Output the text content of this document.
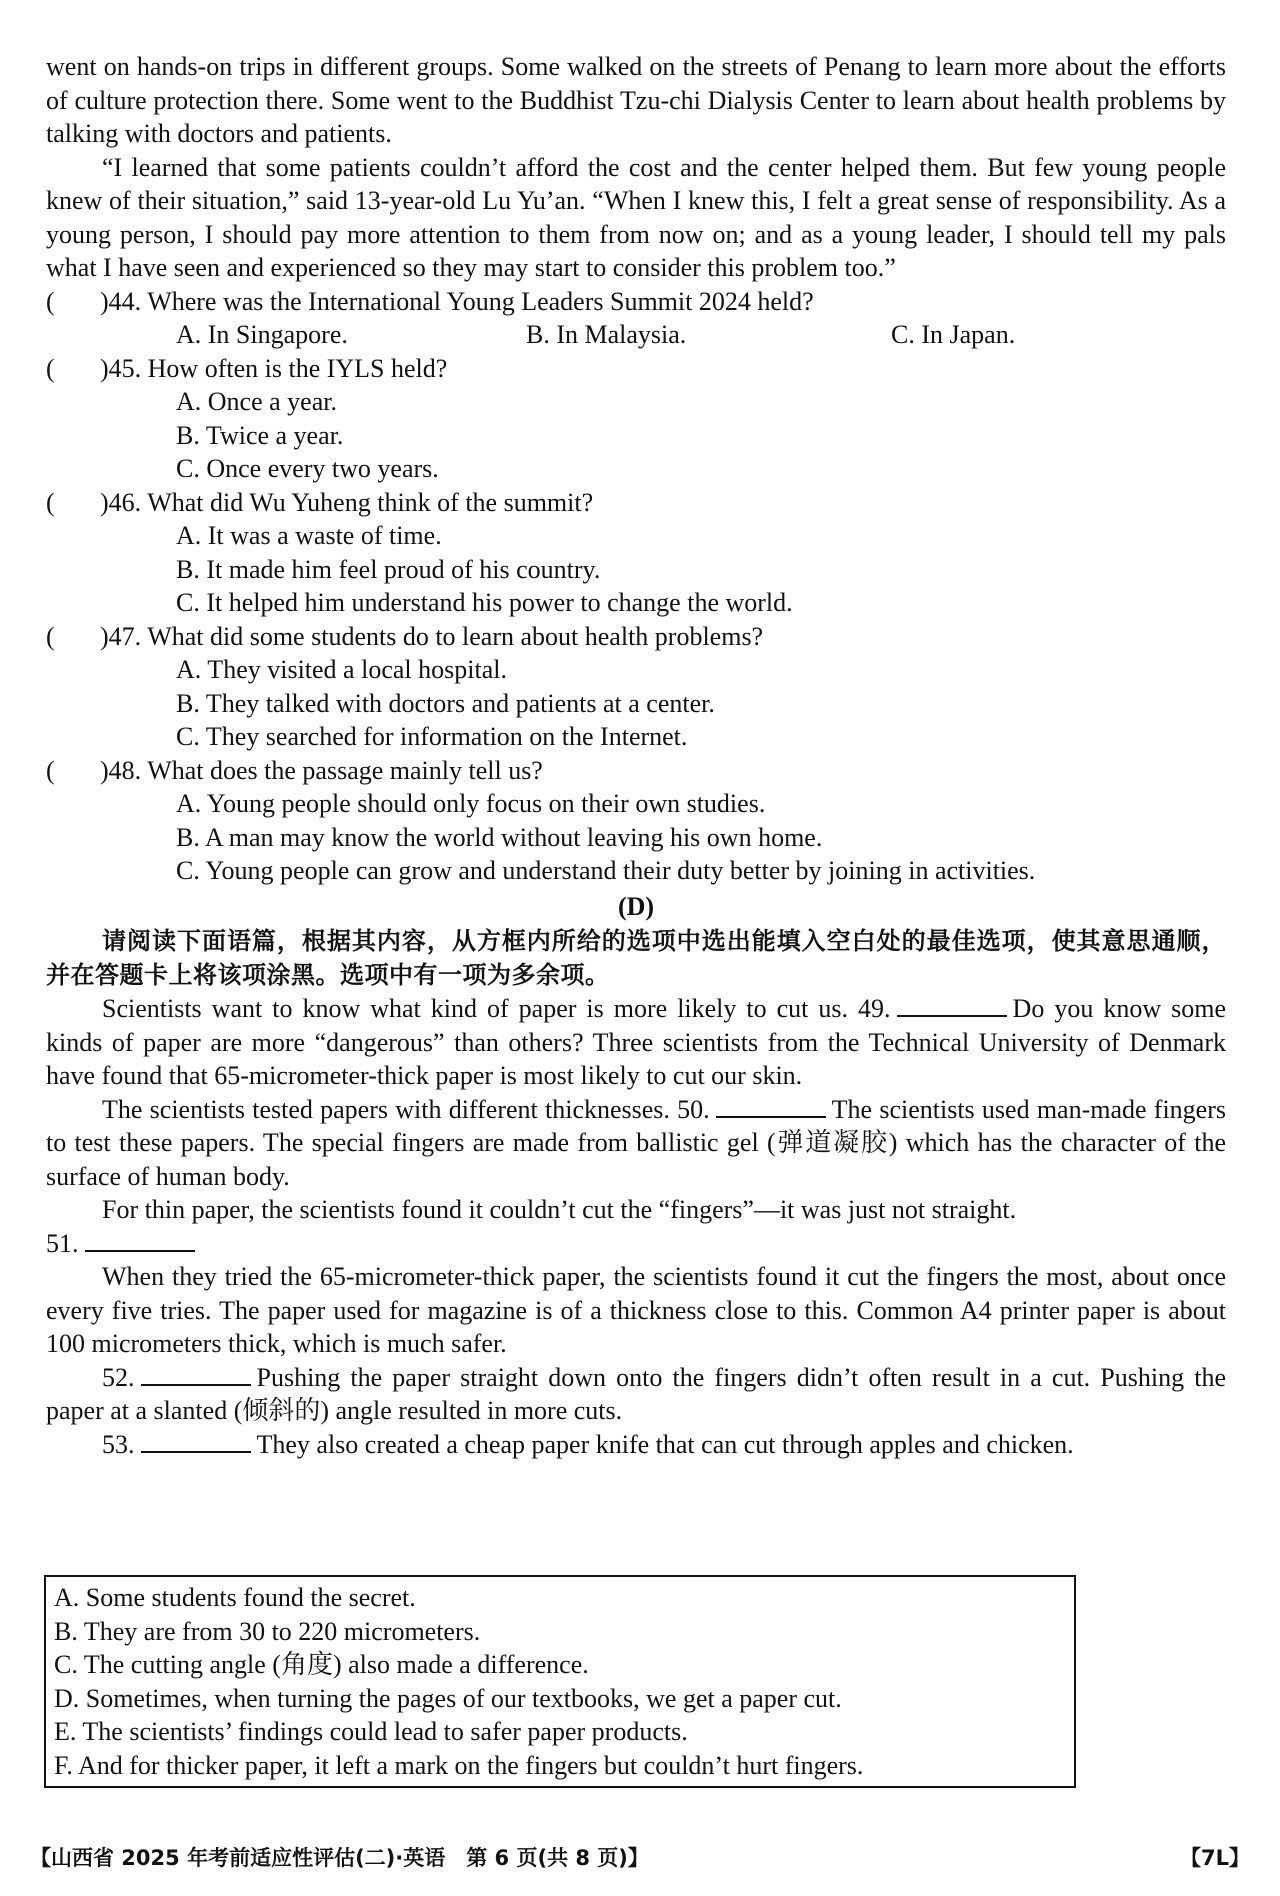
went on hands-on trips in different groups. Some walked on the streets of Penang to learn more about the efforts of culture protection there. Some went to the Buddhist Tzu-chi Dialysis Center to learn about health problems by talking with doctors and patients.

“I learned that some patients couldn’t afford the cost and the center helped them. But few young people knew of their situation,” said 13-year-old Lu Yu’an. “When I knew this, I felt a great sense of responsibility. As a young person, I should pay more attention to them from now on; and as a young leader, I should tell my pals what I have seen and experienced so they may start to consider this problem too.”

(	)44. Where was the International Young Leaders Summit 2024 held?
A. In Singapore.	B. In Malaysia.	C. In Japan.
(	)45. How often is the IYLS held?
A. Once a year.
B. Twice a year.
C. Once every two years.
(	)46. What did Wu Yuheng think of the summit?
A. It was a waste of time.
B. It made him feel proud of his country.
C. It helped him understand his power to change the world.
(	)47. What did some students do to learn about health problems?
A. They visited a local hospital.
B. They talked with doctors and patients at a center.
C. They searched for information on the Internet.
(	)48. What does the passage mainly tell us?
A. Young people should only focus on their own studies.
B. A man may know the world without leaving his own home.
C. Young people can grow and understand their duty better by joining in activities.
(D)

请阅读下面语篇，根据其内容，从方框内所给的选项中选出能填入空白处的最佳选项，使其意思通顺，并在答题卡上将该项涂黑。选项中有一项为多余项。

Scientists want to know what kind of paper is more likely to cut us. 49.	Do you know some kinds of paper are more “dangerous” than others? Three scientists from the Technical University of Denmark have found that 65-micrometer-thick paper is most likely to cut our skin.

The scientists tested papers with different thicknesses. 50.	The scientists used man-made fingers to test these papers. The special fingers are made from ballistic gel (弹道凝胶) which has the character of the surface of human body.

For thin paper, the scientists found it couldn’t cut the “fingers”—it was just not straight.

51.

When they tried the 65-micrometer-thick paper, the scientists found it cut the fingers the most, about once every five tries. The paper used for magazine is of a thickness close to this. Common A4 printer paper is about 100 micrometers thick, which is much safer.

52.	Pushing the paper straight down onto the fingers didn’t often result in a cut. Pushing the paper at a slanted (倾斜的) angle resulted in more cuts.

53.	They also created a cheap paper knife that can cut through apples and chicken.

A. Some students found the secret.
B. They are from 30 to 220 micrometers.
C. The cutting angle (角度) also made a difference.
D. Sometimes, when turning the pages of our textbooks, we get a paper cut.
E. The scientists’ findings could lead to safer paper products.
F. And for thicker paper, it left a mark on the fingers but couldn’t hurt fingers.
【山西省 2025 年考前适应性评估(二)·英语　第 6 页(共 8 页)】	【7L】
